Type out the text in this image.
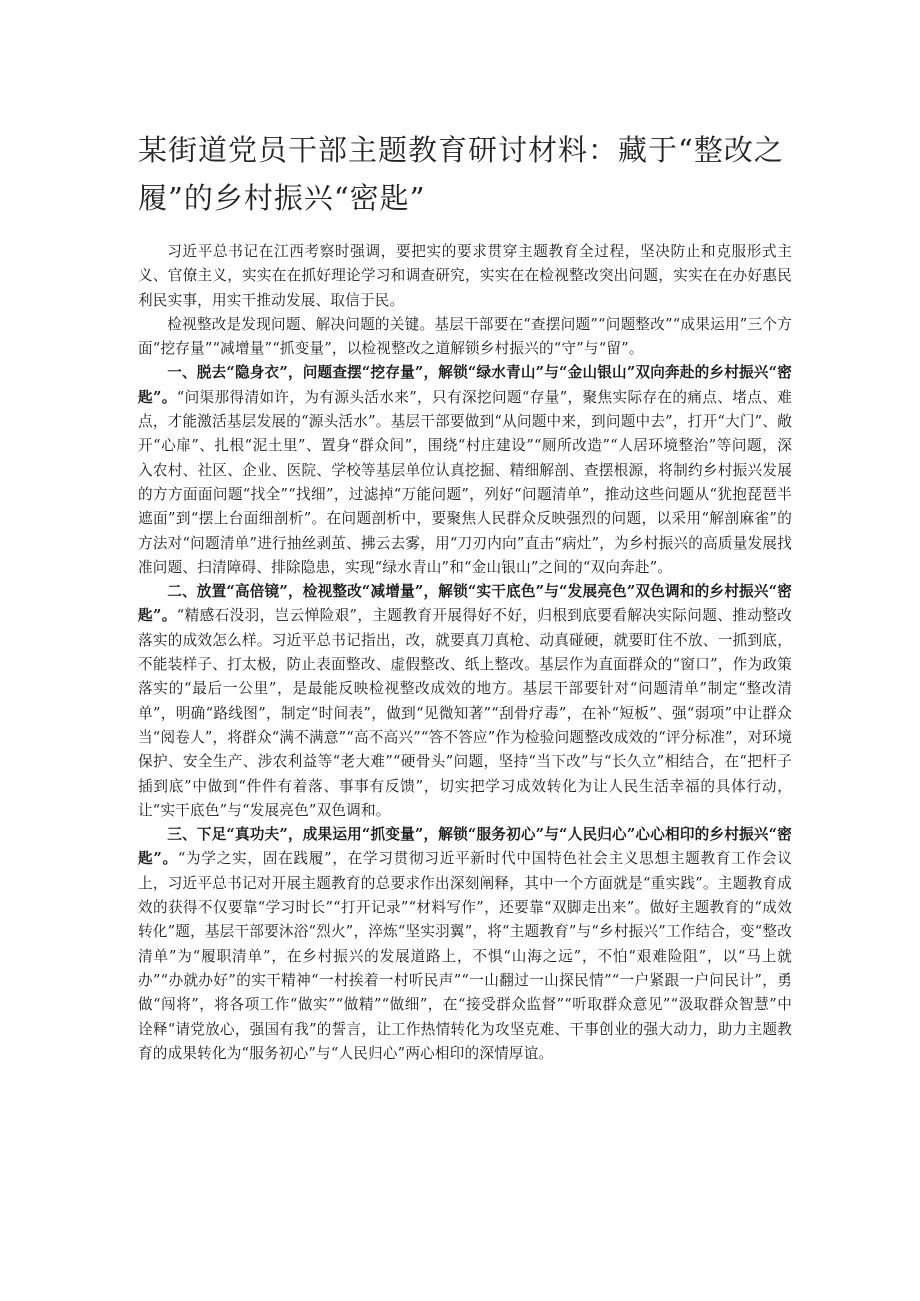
某街道党员干部主题教育研讨材料：藏于“整改之履”的乡村振兴“密匙”

习近平总书记在江西考察时强调，要把实的要求贯穿主题教育全过程，坚决防止和克服形式主义、官僚主义，实实在在抓好理论学习和调查研究，实实在在检视整改突出问题，实实在在办好惠民利民实事，用实干推动发展、取信于民。

检视整改是发现问题、解决问题的关键。基层干部要在“查摆问题”“问题整改”“成果运用”三个方面“挖存量”“减增量”“抓变量”，以检视整改之道解锁乡村振兴的“守”与“留”。

一、脱去“隐身衣”，问题查摆“挖存量”，解锁“绿水青山”与“金山银山”双向奔赴的乡村振兴“密匙”。“问渠那得清如许，为有源头活水来”，只有深挖问题“存量”，聚焦实际存在的痛点、堵点、难点，才能激活基层发展的“源头活水”。基层干部要做到“从问题中来，到问题中去”，打开“大门”、敞开“心扉”、扎根“泥土里”、置身“群众间”，围绕“村庄建设”“厕所改造”“人居环境整治”等问题，深入农村、社区、企业、医院、学校等基层单位认真挖掘、精细解剖、查摆根源，将制约乡村振兴发展的方方面面问题“找全”“找细”，过滤掉“万能问题”，列好“问题清单”，推动这些问题从“犹抱琵琶半遮面”到“摆上台面细剖析”。在问题剖析中，要聚焦人民群众反映强烈的问题，以采用“解剖麻雀”的方法对“问题清单”进行抽丝剥茧、拂云去雾，用“刀刃内向”直击“病灶”，为乡村振兴的高质量发展找准问题、扫清障碍、排除隐患，实现“绿水青山”和“金山银山”之间的“双向奔赴”。

二、放置“高倍镜”，检视整改“减增量”，解锁“实干底色”与“发展亮色”双色调和的乡村振兴“密匙”。“精感石没羽，岂云惮险艰”，主题教育开展得好不好，归根到底要看解决实际问题、推动整改落实的成效怎么样。习近平总书记指出，改，就要真刀真枪、动真碰硬，就要盯住不放、一抓到底，不能装样子、打太极，防止表面整改、虚假整改、纸上整改。基层作为直面群众的“窗口”，作为政策落实的“最后一公里”，是最能反映检视整改成效的地方。基层干部要针对“问题清单”制定“整改清单”，明确“路线图”，制定“时间表”，做到“见微知著”“刮骨疗毒”，在补“短板”、强“弱项”中让群众当“阅卷人”，将群众“满不满意”“高不高兴”“答不答应”作为检验问题整改成效的“评分标准”，对环境保护、安全生产、涉农利益等“老大难”“硬骨头”问题，坚持“当下改”与“长久立”相结合，在“把杆子插到底”中做到“件件有着落、事事有反馈”，切实把学习成效转化为让人民生活幸福的具体行动，让“实干底色”与“发展亮色”双色调和。

三、下足“真功夫”，成果运用“抓变量”，解锁“服务初心”与“人民归心”心心相印的乡村振兴“密匙”。“为学之实，固在践履”，在学习贯彻习近平新时代中国特色社会主义思想主题教育工作会议上，习近平总书记对开展主题教育的总要求作出深刻阐释，其中一个方面就是“重实践”。主题教育成效的获得不仅要靠“学习时长”“打开记录”“材料写作”，还要靠“双脚走出来”。做好主题教育的“成效转化”题，基层干部要沐浴“烈火”，淬炼“坚实羽翼”，将“主题教育”与“乡村振兴”工作结合，变“整改清单”为“履职清单”，在乡村振兴的发展道路上，不惧“山海之远”，不怕“艰难险阻”，以“马上就办”“办就办好”的实干精神“一村挨着一村听民声”“一山翻过一山探民情”“一户紧跟一户问民计”，勇做“闯将”，将各项工作“做实”“做精”“做细”，在“接受群众监督”“听取群众意见”“汲取群众智慧”中诠释“请党放心，强国有我”的誓言，让工作热情转化为攻坚克难、干事创业的强大动力，助力主题教育的成果转化为“服务初心”与“人民归心”两心相印的深情厚谊。
